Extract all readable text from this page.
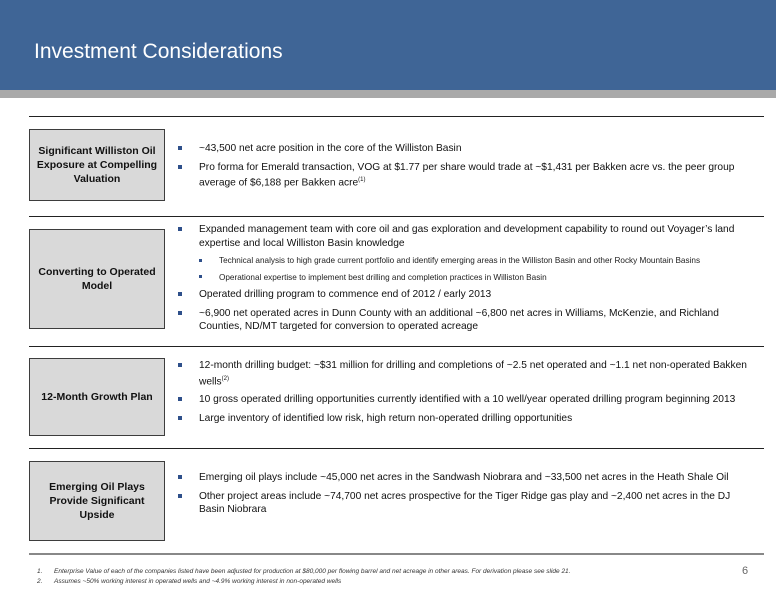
Investment Considerations
Significant Williston Oil Exposure at Compelling Valuation
~43,500 net acre position in the core of the Williston Basin
Pro forma for Emerald transaction, VOG at $1.77 per share would trade at ~$1,431 per Bakken acre vs. the peer group average of $6,188 per Bakken acre$^{(1)}$
Converting to Operated Model
Expanded management team with core oil and gas exploration and development capability to round out Voyager’s land expertise and local Williston Basin knowledge
Technical analysis to high grade current portfolio and identify emerging areas in the Williston Basin and other Rocky Mountain Basins
Operational expertise to implement best drilling and completion practices in Williston Basin
Operated drilling program to commence end of 2012 / early 2013
~6,900 net operated acres in Dunn County with an additional ~6,800 net acres in Williams, McKenzie, and Richland Counties, ND/MT targeted for conversion to operated acreage
12-Month Growth Plan
12-month drilling budget: ~$31 million for drilling and completions of ~2.5 net operated and ~1.1 net non-operated Bakken wells$^{(2)}$
10 gross operated drilling opportunities currently identified with a 10 well/year operated drilling program beginning 2013
Large inventory of identified low risk, high return non-operated drilling opportunities
Emerging Oil Plays Provide Significant Upside
Emerging oil plays include ~45,000 net acres in the Sandwash Niobrara and ~33,500 net acres in the Heath Shale Oil
Other project areas include ~74,700 net acres prospective for the Tiger Ridge gas play and ~2,400 net acres in the DJ Basin Niobrara
1. Enterprise Value of each of the companies listed have been adjusted for production at $80,000 per flowing barrel and net acreage in other areas. For derivation please see slide 21.
2. Assumes ~50% working interest in operated wells and ~4.9% working interest in non-operated wells
6
